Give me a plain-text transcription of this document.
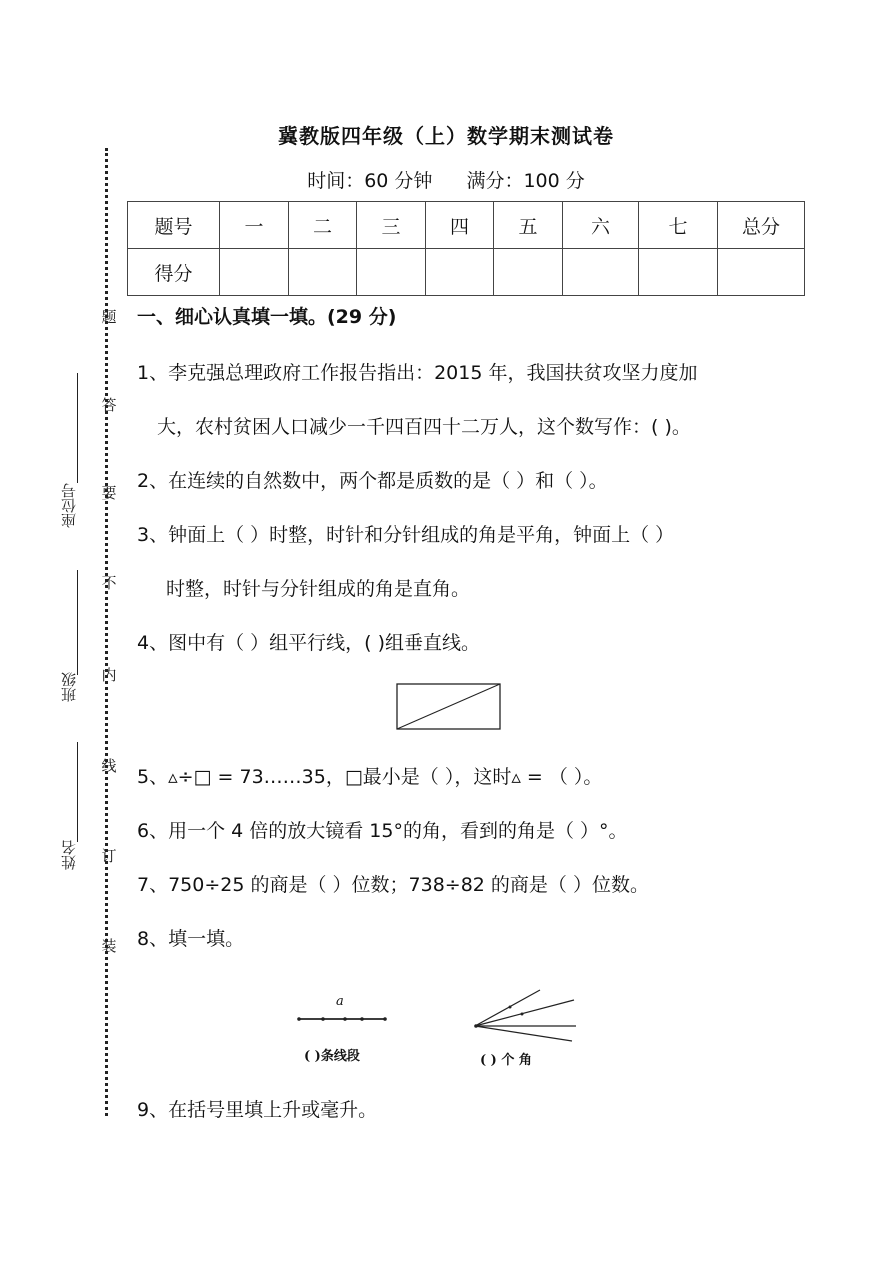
冀教版四年级（上）数学期末测试卷
时间：60 分钟 满分：100 分
题号	一	二	三	四	五	六	七	总分
得分								
题
答
要
不
内
线
订
装
座位号
班级
姓名
一、细心认真填一填。(29 分)
1、李克强总理政府工作报告指出：2015 年，我国扶贫攻坚力度加
大，农村贫困人口减少一千四百四十二万人，这个数写作：( )。
2、在连续的自然数中，两个都是质数的是（ ）和（ ）。
3、钟面上（ ）时整，时针和分针组成的角是平角，钟面上（ ）
时整，时针与分针组成的角是直角。
4、图中有（ ）组平行线，( )组垂直线。
5、▵÷□ = 73……35，□最小是（ ），这时▵ = （ ）。
6、用一个 4 倍的放大镜看 15°的角，看到的角是（ ）°。
7、750÷25 的商是（ ）位数；738÷82 的商是（ ）位数。
8、填一填。
a
( )条线段	( ) 个 角
9、在括号里填上升或毫升。
